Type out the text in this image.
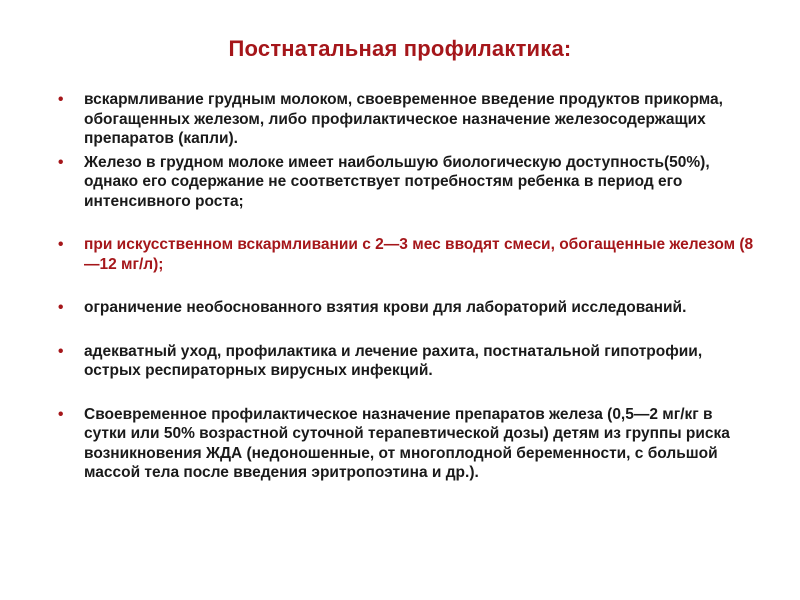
Постнатальная профилактика:
•	вскармливание грудным молоком, своевременное введение продуктов прикорма, обогащенных железом, либо профилактическое назначение железосодержащих препаратов (капли).
•	Железо в грудном молоке имеет наибольшую биологическую доступность(50%), однако его содержание не соответствует потребностям ребенка в период его интенсивного роста;
•	при искусственном вскармливании с 2—3 мес вводят смеси, обогащенные железом (8—12 мг/л);
•	ограничение необоснованного взятия крови для лабораторий исследований.
•	адекватный уход, профилактика и лечение рахита, постнатальной гипотрофии, острых респираторных вирусных инфекций.
•	Своевременное профилактическое назначение препаратов железа (0,5—2 мг/кг в сутки или 50% возрастной суточной терапевтической дозы) детям из группы риска возникновения ЖДА (недоношенные, от многоплодной беременности, с большой массой тела после введения эритропоэтина и др.).
